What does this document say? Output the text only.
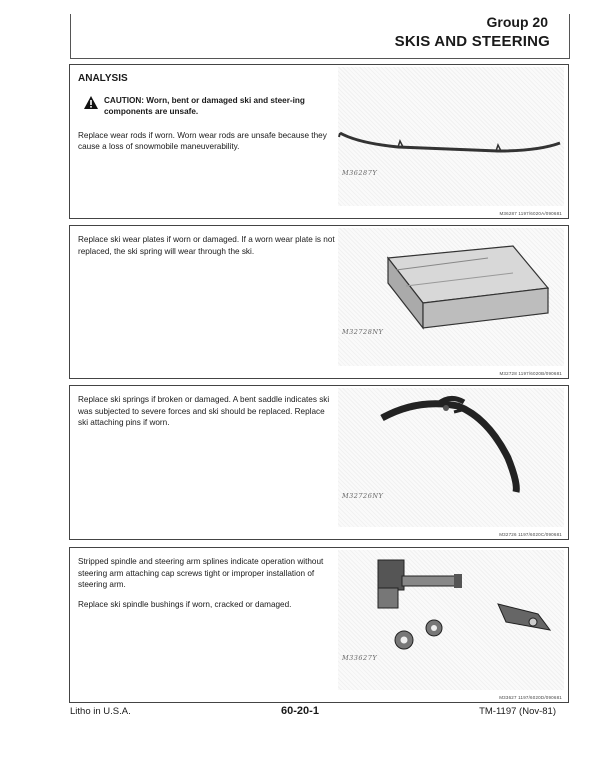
Group 20
SKIS AND STEERING
ANALYSIS
CAUTION: Worn, bent or damaged ski and steer-ing components are unsafe.

Replace wear rods if worn. Worn wear rods are unsafe because they cause a loss of snowmobile maneuverability.

M36287Y
M36287 1197/6020A/090681

Replace ski wear plates if worn or damaged. If a worn wear plate is not replaced, the ski spring will wear through the ski.

M32728NY
M32728 1197/6020B/090681

Replace ski springs if broken or damaged. A bent saddle indicates ski was subjected to severe forces and ski should be replaced. Replace ski attaching pins if worn.

M32726NY
M32726 1197/6020C/090681

Stripped spindle and steering arm splines indicate operation without steering arm attaching cap screws tight or improper installation of steering arm.

Replace ski spindle bushings if worn, cracked or damaged.

M33627Y
M33627 1197/6020D/090681
Litho in U.S.A.	60-20-1	TM-1197 (Nov-81)
